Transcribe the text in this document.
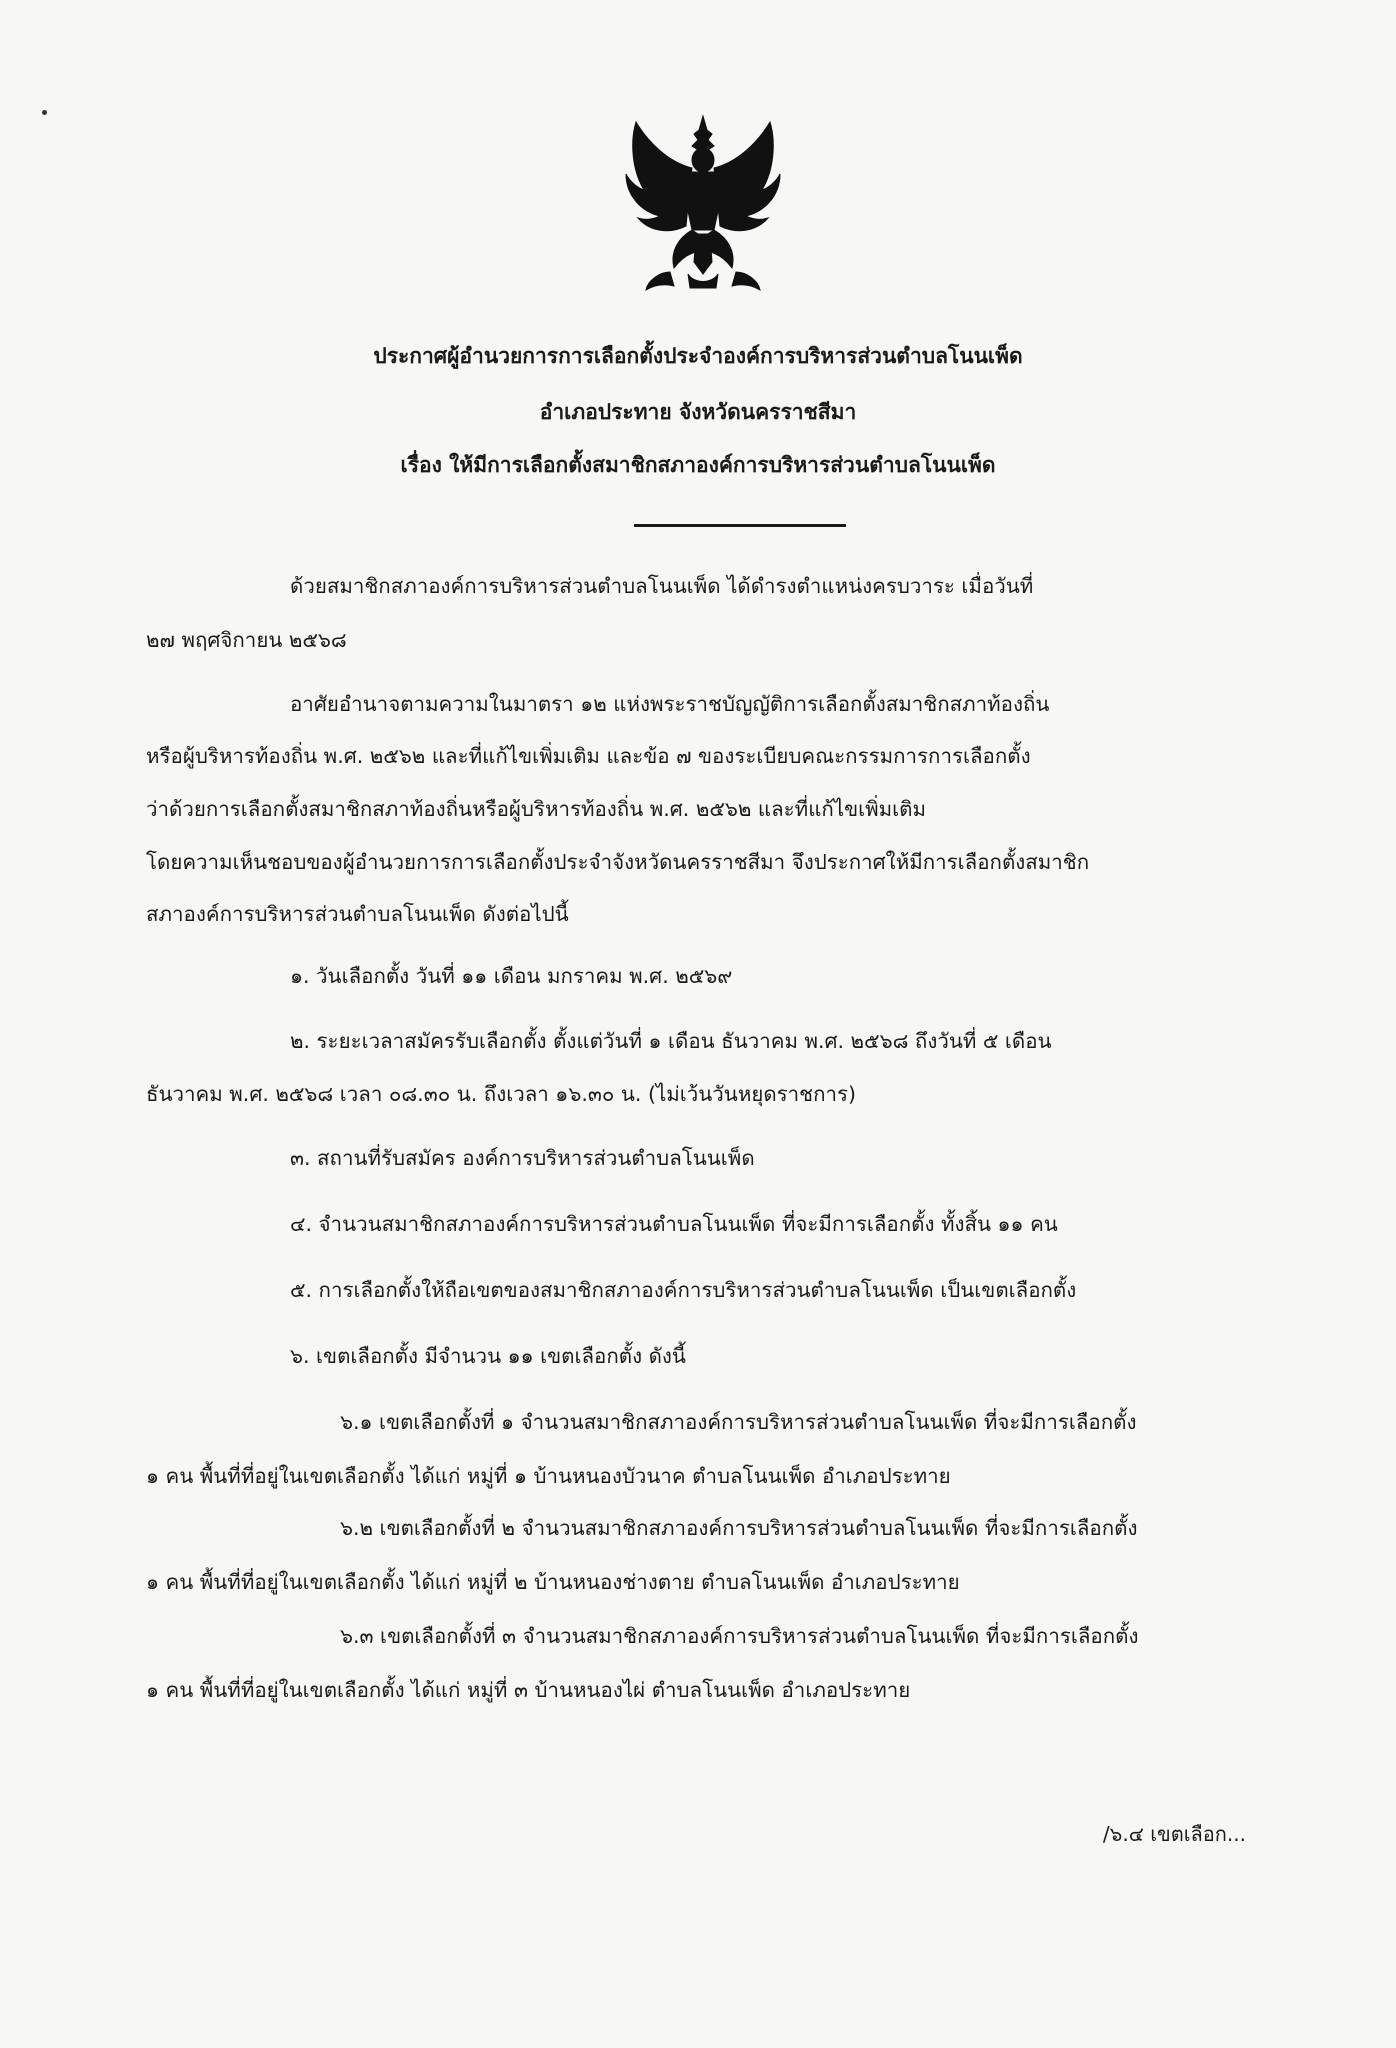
ประกาศผู้อำนวยการการเลือกตั้งประจำองค์การบริหารส่วนตำบลโนนเพ็ด
อำเภอประทาย จังหวัดนครราชสีมา
เรื่อง ให้มีการเลือกตั้งสมาชิกสภาองค์การบริหารส่วนตำบลโนนเพ็ด
ด้วยสมาชิกสภาองค์การบริหารส่วนตำบลโนนเพ็ด ได้ดำรงตำแหน่งครบวาระ เมื่อวันที่
๒๗ พฤศจิกายน ๒๕๖๘
อาศัยอำนาจตามความในมาตรา ๑๒ แห่งพระราชบัญญัติการเลือกตั้งสมาชิกสภาท้องถิ่น
หรือผู้บริหารท้องถิ่น พ.ศ. ๒๕๖๒ และที่แก้ไขเพิ่มเติม และข้อ ๗ ของระเบียบคณะกรรมการการเลือกตั้ง
ว่าด้วยการเลือกตั้งสมาชิกสภาท้องถิ่นหรือผู้บริหารท้องถิ่น พ.ศ. ๒๕๖๒ และที่แก้ไขเพิ่มเติม
โดยความเห็นชอบของผู้อำนวยการการเลือกตั้งประจำจังหวัดนครราชสีมา จึงประกาศให้มีการเลือกตั้งสมาชิก
สภาองค์การบริหารส่วนตำบลโนนเพ็ด ดังต่อไปนี้
๑. วันเลือกตั้ง วันที่ ๑๑ เดือน มกราคม พ.ศ. ๒๕๖๙
๒. ระยะเวลาสมัครรับเลือกตั้ง ตั้งแต่วันที่ ๑ เดือน ธันวาคม พ.ศ. ๒๕๖๘ ถึงวันที่ ๕ เดือน
ธันวาคม พ.ศ. ๒๕๖๘ เวลา ๐๘.๓๐ น. ถึงเวลา ๑๖.๓๐ น. (ไม่เว้นวันหยุดราชการ)
๓. สถานที่รับสมัคร องค์การบริหารส่วนตำบลโนนเพ็ด
๔. จำนวนสมาชิกสภาองค์การบริหารส่วนตำบลโนนเพ็ด ที่จะมีการเลือกตั้ง ทั้งสิ้น ๑๑ คน
๕. การเลือกตั้งให้ถือเขตของสมาชิกสภาองค์การบริหารส่วนตำบลโนนเพ็ด เป็นเขตเลือกตั้ง
๖. เขตเลือกตั้ง มีจำนวน ๑๑ เขตเลือกตั้ง ดังนี้
๖.๑ เขตเลือกตั้งที่ ๑ จำนวนสมาชิกสภาองค์การบริหารส่วนตำบลโนนเพ็ด ที่จะมีการเลือกตั้ง
๑ คน พื้นที่ที่อยู่ในเขตเลือกตั้ง ได้แก่ หมู่ที่ ๑ บ้านหนองบัวนาค ตำบลโนนเพ็ด อำเภอประทาย
๖.๒ เขตเลือกตั้งที่ ๒ จำนวนสมาชิกสภาองค์การบริหารส่วนตำบลโนนเพ็ด ที่จะมีการเลือกตั้ง
๑ คน พื้นที่ที่อยู่ในเขตเลือกตั้ง ได้แก่ หมู่ที่ ๒ บ้านหนองช่างตาย ตำบลโนนเพ็ด อำเภอประทาย
๖.๓ เขตเลือกตั้งที่ ๓ จำนวนสมาชิกสภาองค์การบริหารส่วนตำบลโนนเพ็ด ที่จะมีการเลือกตั้ง
๑ คน พื้นที่ที่อยู่ในเขตเลือกตั้ง ได้แก่ หมู่ที่ ๓ บ้านหนองไผ่ ตำบลโนนเพ็ด อำเภอประทาย
/๖.๔ เขตเลือก...
